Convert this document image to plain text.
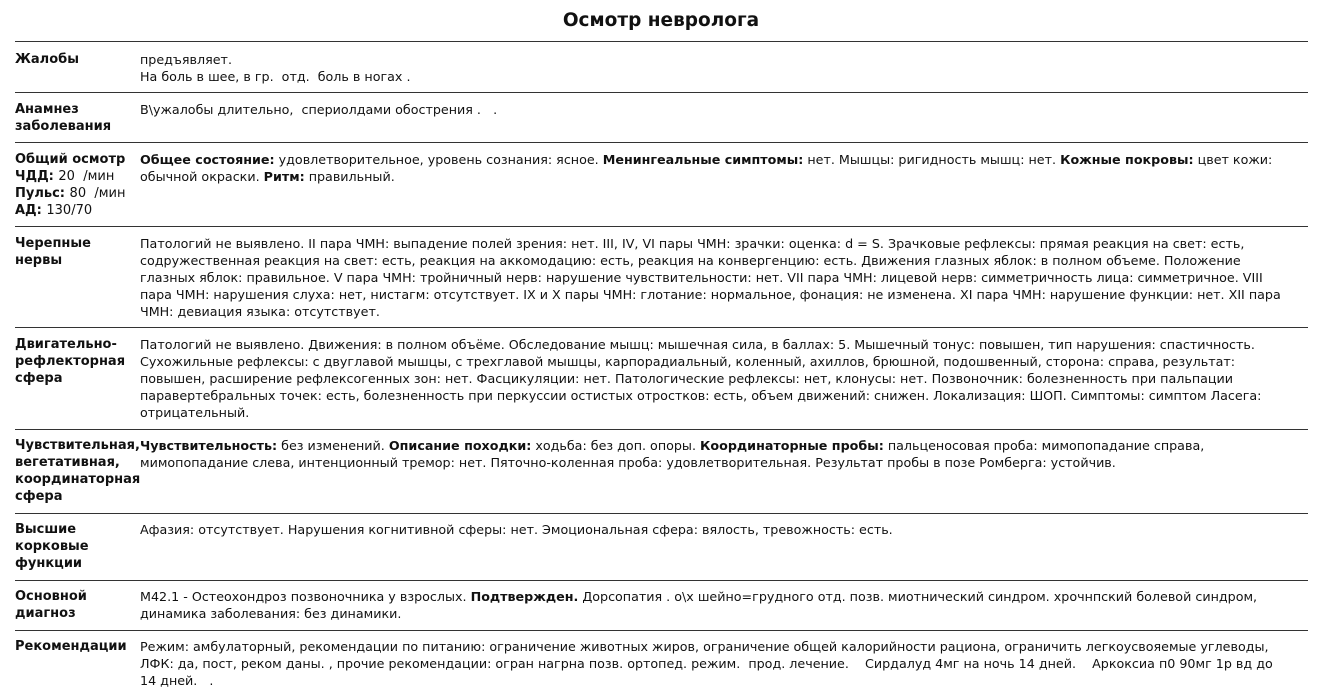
Осмотр невролога
Жалобы	предъявляет.
На боль в шее, в гр.  отд.  боль в ногах .
Анамнез
заболевания
В\ужалобы длительно,  спериолдами обострения .   .
Общий осмотр
ЧДД: 20 /мин
Пульс: 80 /мин
АД: 130/70
Общее состояние: удовлетворительное, уровень сознания: ясное. Менингеальные симптомы: нет. Мышцы: ригидность мышц: нет. Кожные покровы: цвет кожи:
обычной окраски. Ритм: правильный.
Черепные
нервы
Патологий не выявлено. II пара ЧМН: выпадение полей зрения: нет. III, IV, VI пары ЧМН: зрачки: оценка: d = S. Зрачковые рефлексы: прямая реакция на свет: есть,
содружественная реакция на свет: есть, реакция на аккомодацию: есть, реакция на конвергенцию: есть. Движения глазных яблок: в полном объеме. Положение
глазных яблок: правильное. V пара ЧМН: тройничный нерв: нарушение чувствительности: нет. VII пара ЧМН: лицевой нерв: симметричность лица: симметричное. VIII
пара ЧМН: нарушения слуха: нет, нистагм: отсутствует. IX и X пары ЧМН: глотание: нормальное, фонация: не изменена. XI пара ЧМН: нарушение функции: нет. XII пара
ЧМН: девиация языка: отсутствует.
Двигательно-
рефлекторная
сфера
Патологий не выявлено. Движения: в полном объёме. Обследование мышц: мышечная сила, в баллах: 5. Мышечный тонус: повышен, тип нарушения: спастичность.
Сухожильные рефлексы: с двуглавой мышцы, с трехглавой мышцы, карпорадиальный, коленный, ахиллов, брюшной, подошвенный, сторона: справа, результат:
повышен, расширение рефлексогенных зон: нет. Фасцикуляции: нет. Патологические рефлексы: нет, клонусы: нет. Позвоночник: болезненность при пальпации
паравертебральных точек: есть, болезненность при перкуссии остистых отростков: есть, объем движений: снижен. Локализация: ШОП. Симптомы: симптом Ласега:
отрицательный.
Чувствительная,
вегетативная,
координаторная
сфера
Чувствительность: без изменений. Описание походки: ходьба: без доп. опоры. Координаторные пробы: пальценосовая проба: мимопопадание справа,
мимопопадание слева, интенционный тремор: нет. Пяточно-коленная проба: удовлетворительная. Результат пробы в позе Ромберга: устойчив.
Высшие
корковые
функции
Афазия: отсутствует. Нарушения когнитивной сферы: нет. Эмоциональная сфера: вялость, тревожность: есть.
Основной
диагноз
M42.1 - Остеохондроз позвоночника у взрослых. Подтвержден. Дорсопатия . о\х шейно=грудного отд. позв. миотнический синдром. хрочнпский болевой синдром,
динамика заболевания: без динамики.
Рекомендации	Режим: амбулаторный, рекомендации по питанию: ограничение животных жиров, ограничение общей калорийности рациона, ограничить легкоусвояемые углеводы,
ЛФК: да, пост, реком даны. , прочие рекомендации: огран нагрна позв. ортопед. режим.  прод. лечение.    Сирдалуд 4мг на ночь 14 дней.    Аркоксиа п0 90мг 1р вд до
14 дней.   .
